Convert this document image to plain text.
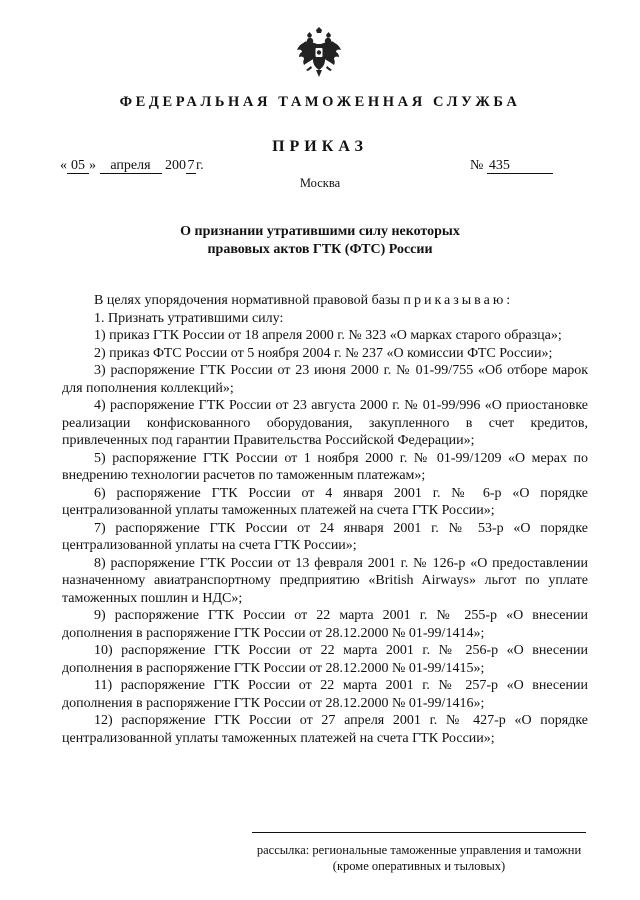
ФЕДЕРАЛЬНАЯ ТАМОЖЕННАЯ СЛУЖБА
ПРИКАЗ
« 05 » апреля 200 7 г.	№ 435
Москва
О признании утратившими силу некоторых
правовых актов ГТК (ФТС) России

В целях упорядочения нормативной правовой базы приказываю:

1. Признать утратившими силу:

1) приказ ГТК России от 18 апреля 2000 г. № 323 «О марках старого образца»;

2) приказ ФТС России от 5 ноября 2004 г. № 237 «О комиссии ФТС России»;

3) распоряжение ГТК России от 23 июня 2000 г. № 01-99/755 «Об отборе марок для пополнения коллекций»;

4) распоряжение ГТК России от 23 августа 2000 г. № 01-99/996 «О приостановке реализации конфискованного оборудования, закупленного в счет кредитов, привлеченных под гарантии Правительства Российской Федерации»;

5) распоряжение ГТК России от 1 ноября 2000 г. № 01-99/1209 «О мерах по внедрению технологии расчетов по таможенным платежам»;

6) распоряжение ГТК России от 4 января 2001 г. № 6-р «О порядке централизованной уплаты таможенных платежей на счета ГТК России»;

7) распоряжение ГТК России от 24 января 2001 г. № 53-р «О порядке централизованной уплаты на счета ГТК России»;

8) распоряжение ГТК России от 13 февраля 2001 г. № 126-р «О предоставлении назначенному авиатранспортному предприятию «British Airways» льгот по уплате таможенных пошлин и НДС»;

9) распоряжение ГТК России от 22 марта 2001 г. № 255-р «О внесении дополнения в распоряжение ГТК России от 28.12.2000 № 01-99/1414»;

10) распоряжение ГТК России от 22 марта 2001 г. № 256-р «О внесении дополнения в распоряжение ГТК России от 28.12.2000 № 01-99/1415»;

11) распоряжение ГТК России от 22 марта 2001 г. № 257-р «О внесении дополнения в распоряжение ГТК России от 28.12.2000 № 01-99/1416»;

12) распоряжение ГТК России от 27 апреля 2001 г. № 427-р «О порядке централизованной уплаты таможенных платежей на счета ГТК России»;

рассылка: региональные таможенные управления и таможни
(кроме оперативных и тыловых)
